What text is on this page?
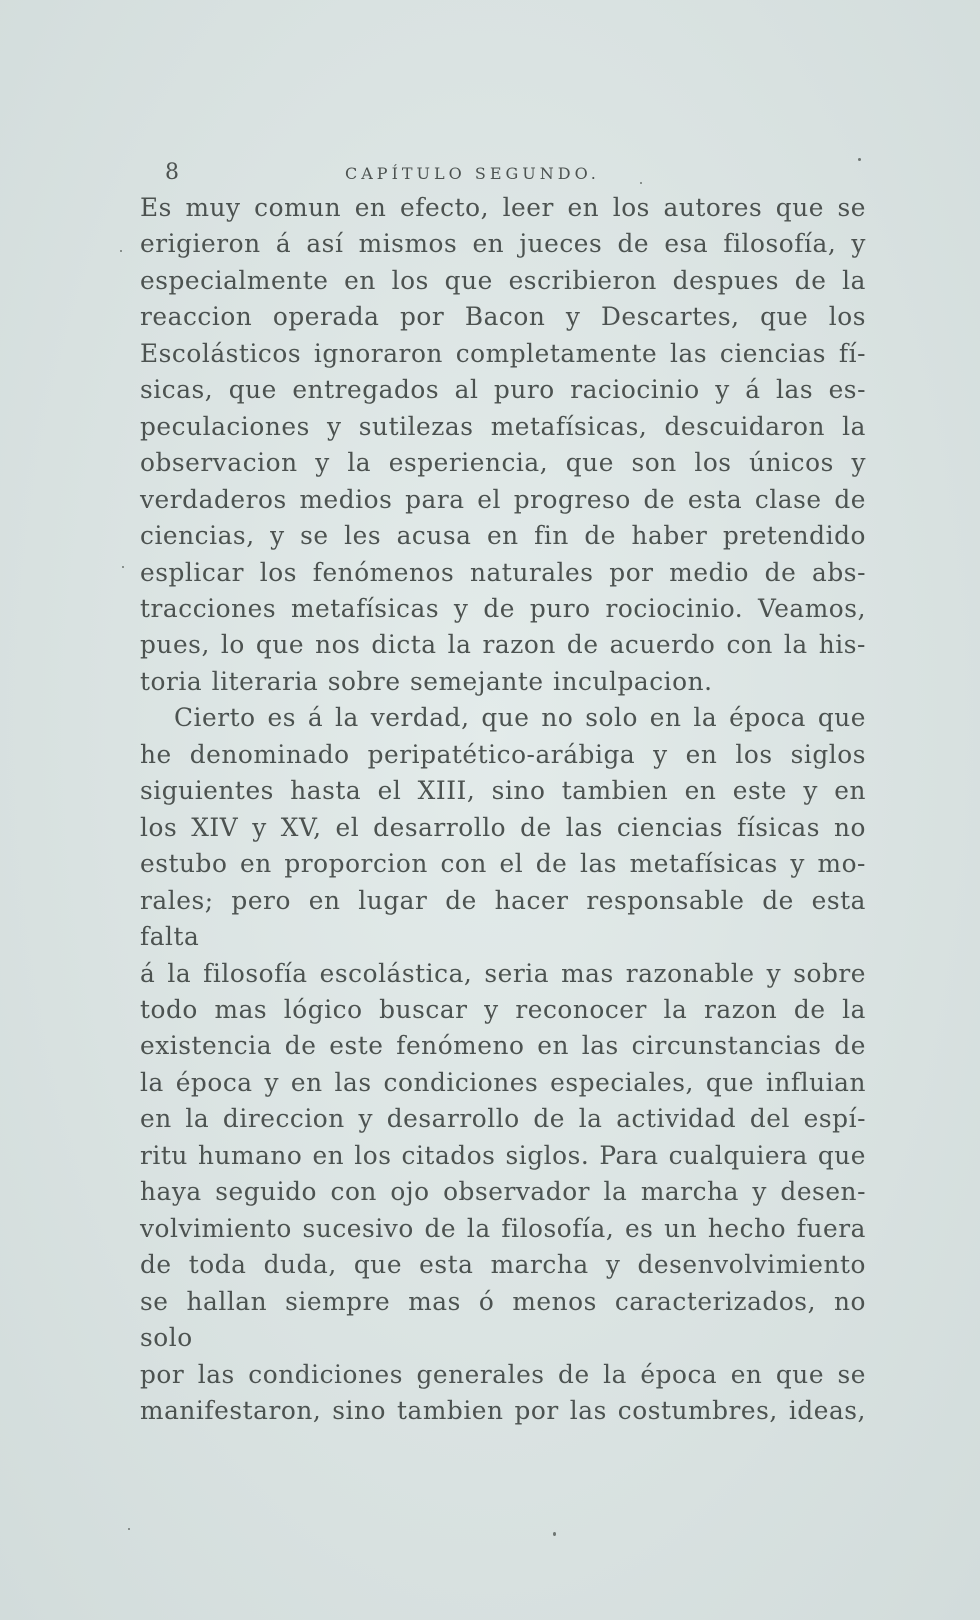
8	CAPÍTULO SEGUNDO.

Es muy comun en efecto, leer en los autores que se

erigieron á así mismos en jueces de esa filosofía, y

especialmente en los que escribieron despues de la

reaccion operada por Bacon y Descartes, que los

Escolásticos ignoraron completamente las ciencias fí-

sicas, que entregados al puro raciocinio y á las es-

peculaciones y sutilezas metafísicas, descuidaron la

observacion y la esperiencia, que son los únicos y

verdaderos medios para el progreso de esta clase de

ciencias, y se les acusa en fin de haber pretendido

esplicar los fenómenos naturales por medio de abs-

tracciones metafísicas y de puro rociocinio. Veamos,

pues, lo que nos dicta la razon de acuerdo con la his-

toria literaria sobre semejante inculpacion.

Cierto es á la verdad, que no solo en la época que

he denominado peripatético-arábiga y en los siglos

siguientes hasta el XIII, sino tambien en este y en

los XIV y XV, el desarrollo de las ciencias físicas no

estubo en proporcion con el de las metafísicas y mo-

rales; pero en lugar de hacer responsable de esta falta

á la filosofía escolástica, seria mas razonable y sobre

todo mas lógico buscar y reconocer la razon de la

existencia de este fenómeno en las circunstancias de

la época y en las condiciones especiales, que influian

en la direccion y desarrollo de la actividad del espí-

ritu humano en los citados siglos. Para cualquiera que

haya seguido con ojo observador la marcha y desen-

volvimiento sucesivo de la filosofía, es un hecho fuera

de toda duda, que esta marcha y desenvolvimiento

se hallan siempre mas ó menos caracterizados, no solo

por las condiciones generales de la época en que se

manifestaron, sino tambien por las costumbres, ideas,
